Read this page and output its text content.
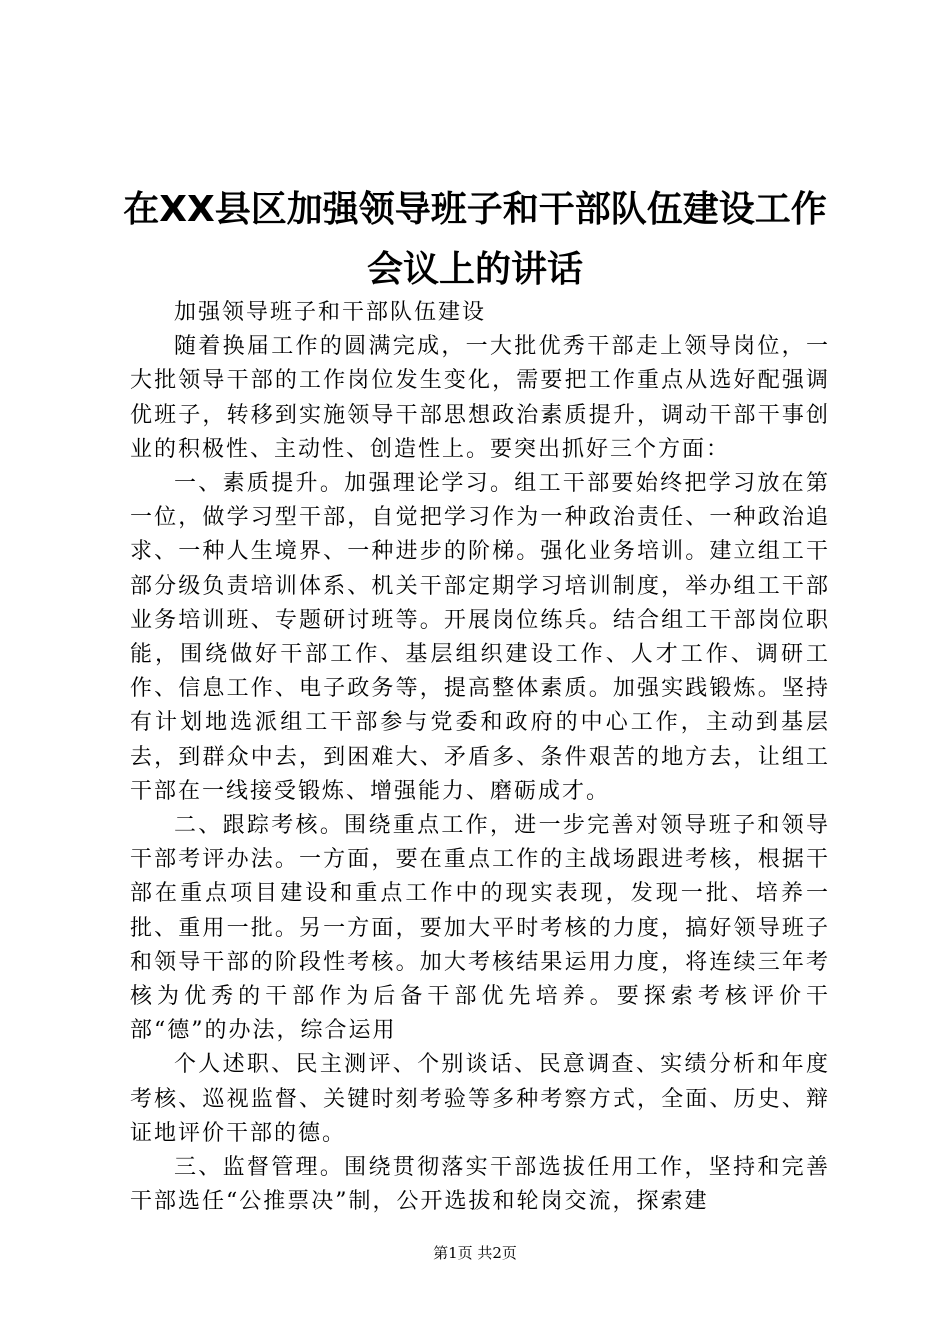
在XX县区加强领导班子和干部队伍建设工作
会议上的讲话

加强领导班子和干部队伍建设

随着换届工作的圆满完成，一大批优秀干部走上领导岗位，一大批领导干部的工作岗位发生变化，需要把工作重点从选好配强调优班子，转移到实施领导干部思想政治素质提升，调动干部干事创业的积极性、主动性、创造性上。要突出抓好三个方面：

一、素质提升。加强理论学习。组工干部要始终把学习放在第一位，做学习型干部，自觉把学习作为一种政治责任、一种政治追求、一种人生境界、一种进步的阶梯。强化业务培训。建立组工干部分级负责培训体系、机关干部定期学习培训制度，举办组工干部业务培训班、专题研讨班等。开展岗位练兵。结合组工干部岗位职能，围绕做好干部工作、基层组织建设工作、人才工作、调研工作、信息工作、电子政务等，提高整体素质。加强实践锻炼。坚持有计划地选派组工干部参与党委和政府的中心工作，主动到基层去，到群众中去，到困难大、矛盾多、条件艰苦的地方去，让组工干部在一线接受锻炼、增强能力、磨砺成才。

二、跟踪考核。围绕重点工作，进一步完善对领导班子和领导干部考评办法。一方面，要在重点工作的主战场跟进考核，根据干部在重点项目建设和重点工作中的现实表现，发现一批、培养一批、重用一批。另一方面，要加大平时考核的力度，搞好领导班子和领导干部的阶段性考核。加大考核结果运用力度，将连续三年考核为优秀的干部作为后备干部优先培养。要探索考核评价干部“德”的办法，综合运用

个人述职、民主测评、个别谈话、民意调查、实绩分析和年度考核、巡视监督、关键时刻考验等多种考察方式，全面、历史、辩证地评价干部的德。

三、监督管理。围绕贯彻落实干部选拔任用工作，坚持和完善干部选任“公推票决”制，公开选拔和轮岗交流，探索建

第1页 共2页
